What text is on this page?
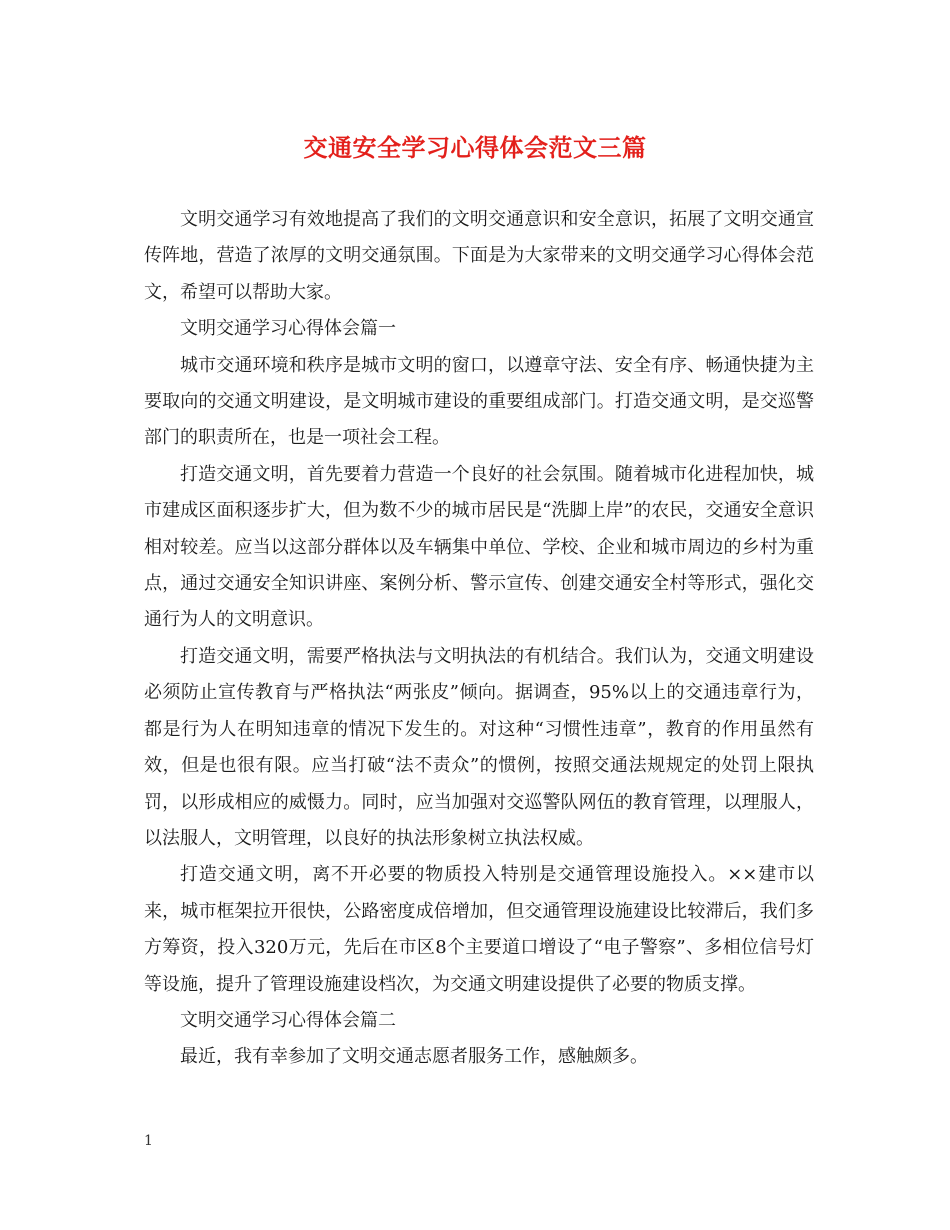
交通安全学习心得体会范文三篇

文明交通学习有效地提高了我们的文明交通意识和安全意识，拓展了文明交通宣传阵地，营造了浓厚的文明交通氛围。下面是为大家带来的文明交通学习心得体会范文，希望可以帮助大家。

文明交通学习心得体会篇一

城市交通环境和秩序是城市文明的窗口，以遵章守法、安全有序、畅通快捷为主要取向的交通文明建设，是文明城市建设的重要组成部门。打造交通文明，是交巡警部门的职责所在，也是一项社会工程。

打造交通文明，首先要着力营造一个良好的社会氛围。随着城市化进程加快，城市建成区面积逐步扩大，但为数不少的城市居民是“洗脚上岸”的农民，交通安全意识相对较差。应当以这部分群体以及车辆集中单位、学校、企业和城市周边的乡村为重点，通过交通安全知识讲座、案例分析、警示宣传、创建交通安全村等形式，强化交通行为人的文明意识。

打造交通文明，需要严格执法与文明执法的有机结合。我们认为，交通文明建设必须防止宣传教育与严格执法“两张皮”倾向。据调查，95%以上的交通违章行为，都是行为人在明知违章的情况下发生的。对这种“习惯性违章”，教育的作用虽然有效，但是也很有限。应当打破“法不责众”的惯例，按照交通法规规定的处罚上限执罚，以形成相应的威慑力。同时，应当加强对交巡警队网伍的教育管理，以理服人，以法服人，文明管理，以良好的执法形象树立执法权威。

打造交通文明，离不开必要的物质投入特别是交通管理设施投入。××建市以来，城市框架拉开很快，公路密度成倍增加，但交通管理设施建设比较滞后，我们多方筹资，投入320万元，先后在市区8个主要道口增设了“电子警察”、多相位信号灯等设施，提升了管理设施建设档次，为交通文明建设提供了必要的物质支撑。

文明交通学习心得体会篇二

最近，我有幸参加了文明交通志愿者服务工作，感触颇多。

1
